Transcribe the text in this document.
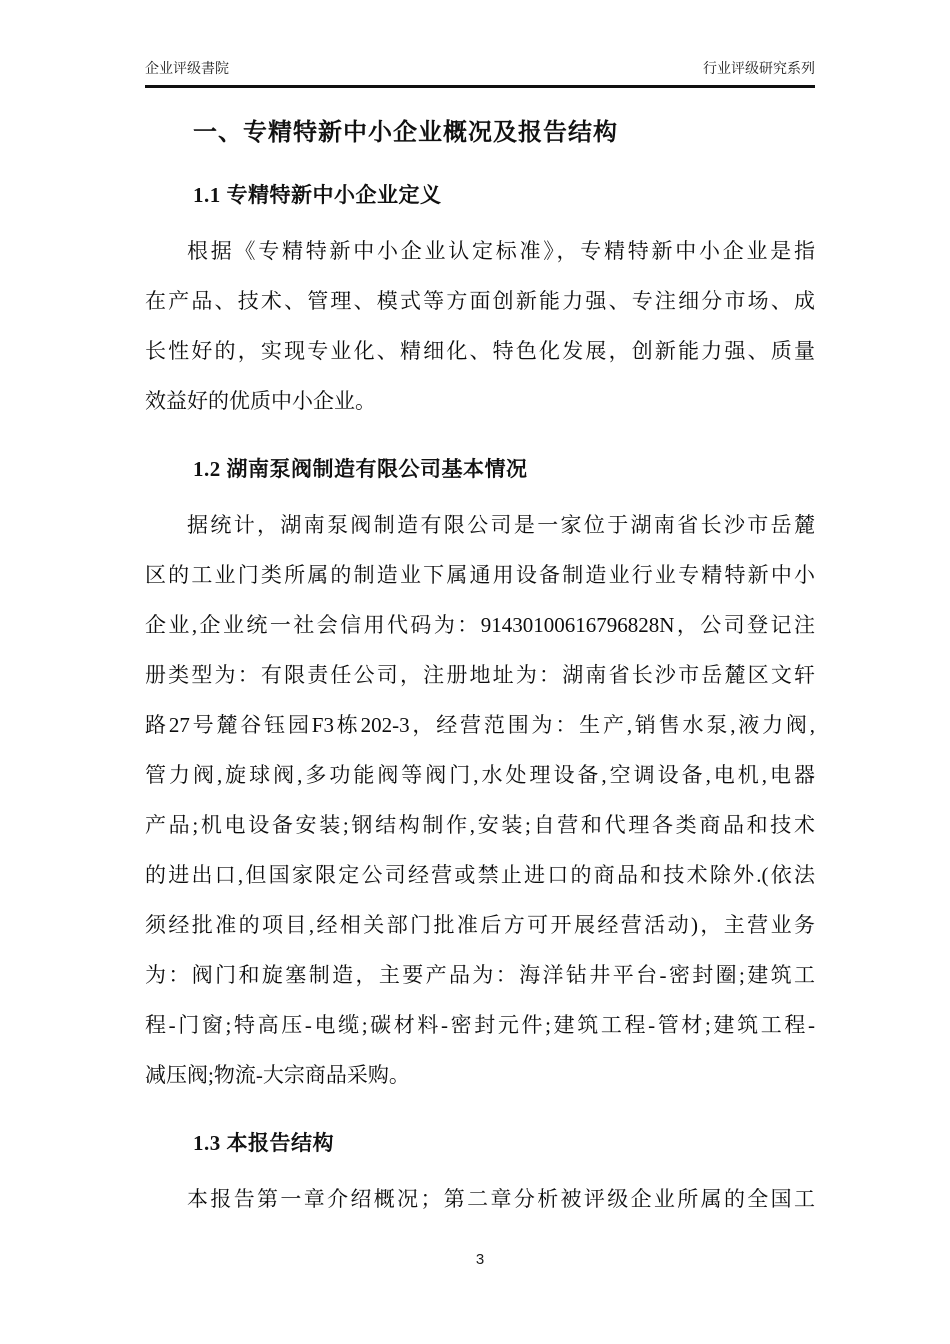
企业评级書院	行业评级研究系列
一、专精特新中小企业概况及报告结构
1.1 专精特新中小企业定义
根据《专精特新中小企业认定标准》，专精特新中小企业是指
在产品、技术、管理、模式等方面创新能力强、专注细分市场、成
长性好的，实现专业化、精细化、特色化发展，创新能力强、质量
效益好的优质中小企业。
1.2 湖南泵阀制造有限公司基本情况
据统计，湖南泵阀制造有限公司是一家位于湖南省长沙市岳麓
区的工业门类所属的制造业下属通用设备制造业行业专精特新中小
企业,企业统一社会信用代码为：91430100616796828N，公司登记注
册类型为：有限责任公司，注册地址为：湖南省长沙市岳麓区文轩
路27号麓谷钰园F3栋202-3，经营范围为：生产,销售水泵,液力阀,
管力阀,旋球阀,多功能阀等阀门,水处理设备,空调设备,电机,电器
产品;机电设备安装;钢结构制作,安装;自营和代理各类商品和技术
的进出口,但国家限定公司经营或禁止进口的商品和技术除外.(依法
须经批准的项目,经相关部门批准后方可开展经营活动)，主营业务
为：阀门和旋塞制造，主要产品为：海洋钻井平台-密封圈;建筑工
程-门窗;特高压-电缆;碳材料-密封元件;建筑工程-管材;建筑工程-
减压阀;物流-大宗商品采购。
1.3 本报告结构
本报告第一章介绍概况；第二章分析被评级企业所属的全国工
3
